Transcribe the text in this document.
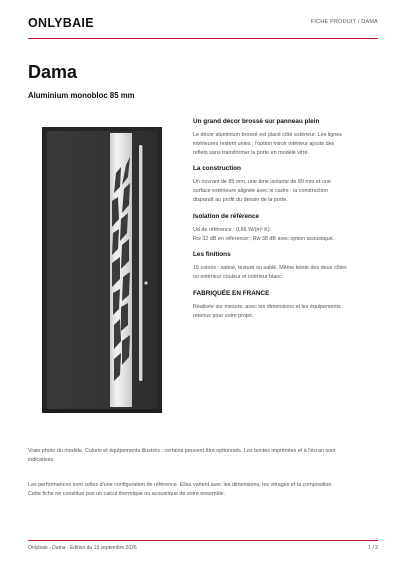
ONLYBAIE	FICHE PRODUIT / DAMA
Dama
Aluminium monobloc 85 mm
Un grand décor brossé sur panneau plein

Le décor aluminium brossé est placé côté extérieur. Les lignes
intérieures restent unies ; l'option miroir intérieur ajoute des
reflets sans transformer la porte en modèle vitré.

La construction

Un ouvrant de 85 mm, une âme isolante de 89 mm et une
surface extérieure alignée avec le cadre : la construction
disparaît au profit du dessin de la porte.

Isolation de référence

Ud de référence : 0,66 W/(m² K).
Rw 32 dB en référence ; Rw 38 dB avec option acoustique.

Les finitions

15 coloris : satiné, texturé ou sablé. Même teinte des deux côtés
ou extérieur couleur et intérieur blanc.

FABRIQUÉE EN FRANCE

Réalisée sur mesure, avec les dimensions et les équipements
retenus pour votre projet.

Vraie photo du modèle. Coloris et équipements illustrés : certains peuvent être optionnels. Les teintes imprimées et à l'écran sont
indicatives.

Les performances sont celles d'une configuration de référence. Elles varient avec les dimensions, les vitrages et la composition.
Cette fiche ne constitue pas un calcul thermique ou acoustique de votre ensemble.

Onlybaie - Dama - Édition du 13 septembre 2026	1 / 2
